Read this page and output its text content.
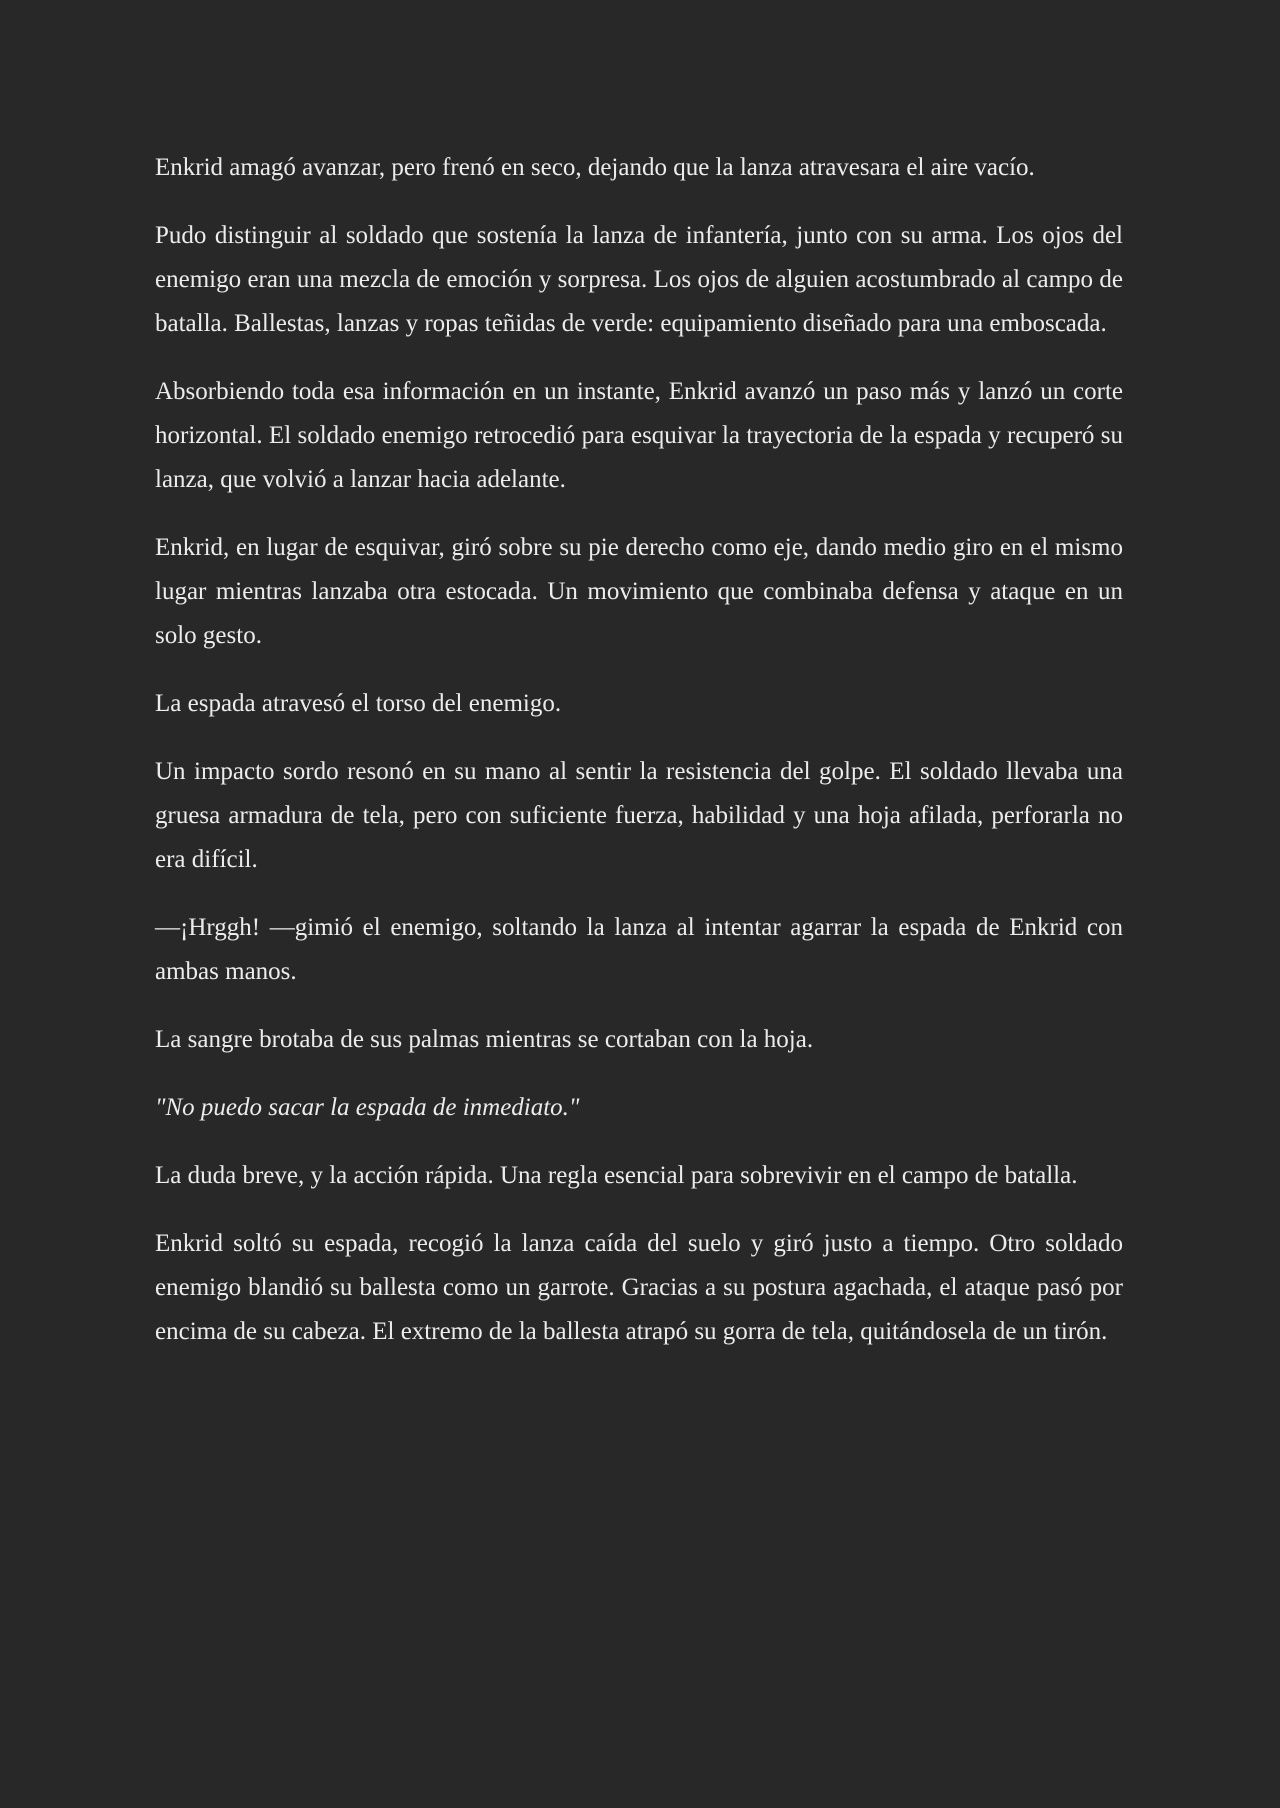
Enkrid amagó avanzar, pero frenó en seco, dejando que la lanza atravesara el aire vacío.

Pudo distinguir al soldado que sostenía la lanza de infantería, junto con su arma. Los ojos del enemigo eran una mezcla de emoción y sorpresa. Los ojos de alguien acostumbrado al campo de batalla. Ballestas, lanzas y ropas teñidas de verde: equipamiento diseñado para una emboscada.

Absorbiendo toda esa información en un instante, Enkrid avanzó un paso más y lanzó un corte horizontal. El soldado enemigo retrocedió para esquivar la trayectoria de la espada y recuperó su lanza, que volvió a lanzar hacia adelante.

Enkrid, en lugar de esquivar, giró sobre su pie derecho como eje, dando medio giro en el mismo lugar mientras lanzaba otra estocada. Un movimiento que combinaba defensa y ataque en un solo gesto.

La espada atravesó el torso del enemigo.

Un impacto sordo resonó en su mano al sentir la resistencia del golpe. El soldado llevaba una gruesa armadura de tela, pero con suficiente fuerza, habilidad y una hoja afilada, perforarla no era difícil.

—¡Hrggh! —gimió el enemigo, soltando la lanza al intentar agarrar la espada de Enkrid con ambas manos.

La sangre brotaba de sus palmas mientras se cortaban con la hoja.

"No puedo sacar la espada de inmediato."

La duda breve, y la acción rápida. Una regla esencial para sobrevivir en el campo de batalla.

Enkrid soltó su espada, recogió la lanza caída del suelo y giró justo a tiempo. Otro soldado enemigo blandió su ballesta como un garrote. Gracias a su postura agachada, el ataque pasó por encima de su cabeza. El extremo de la ballesta atrapó su gorra de tela, quitándosela de un tirón.
